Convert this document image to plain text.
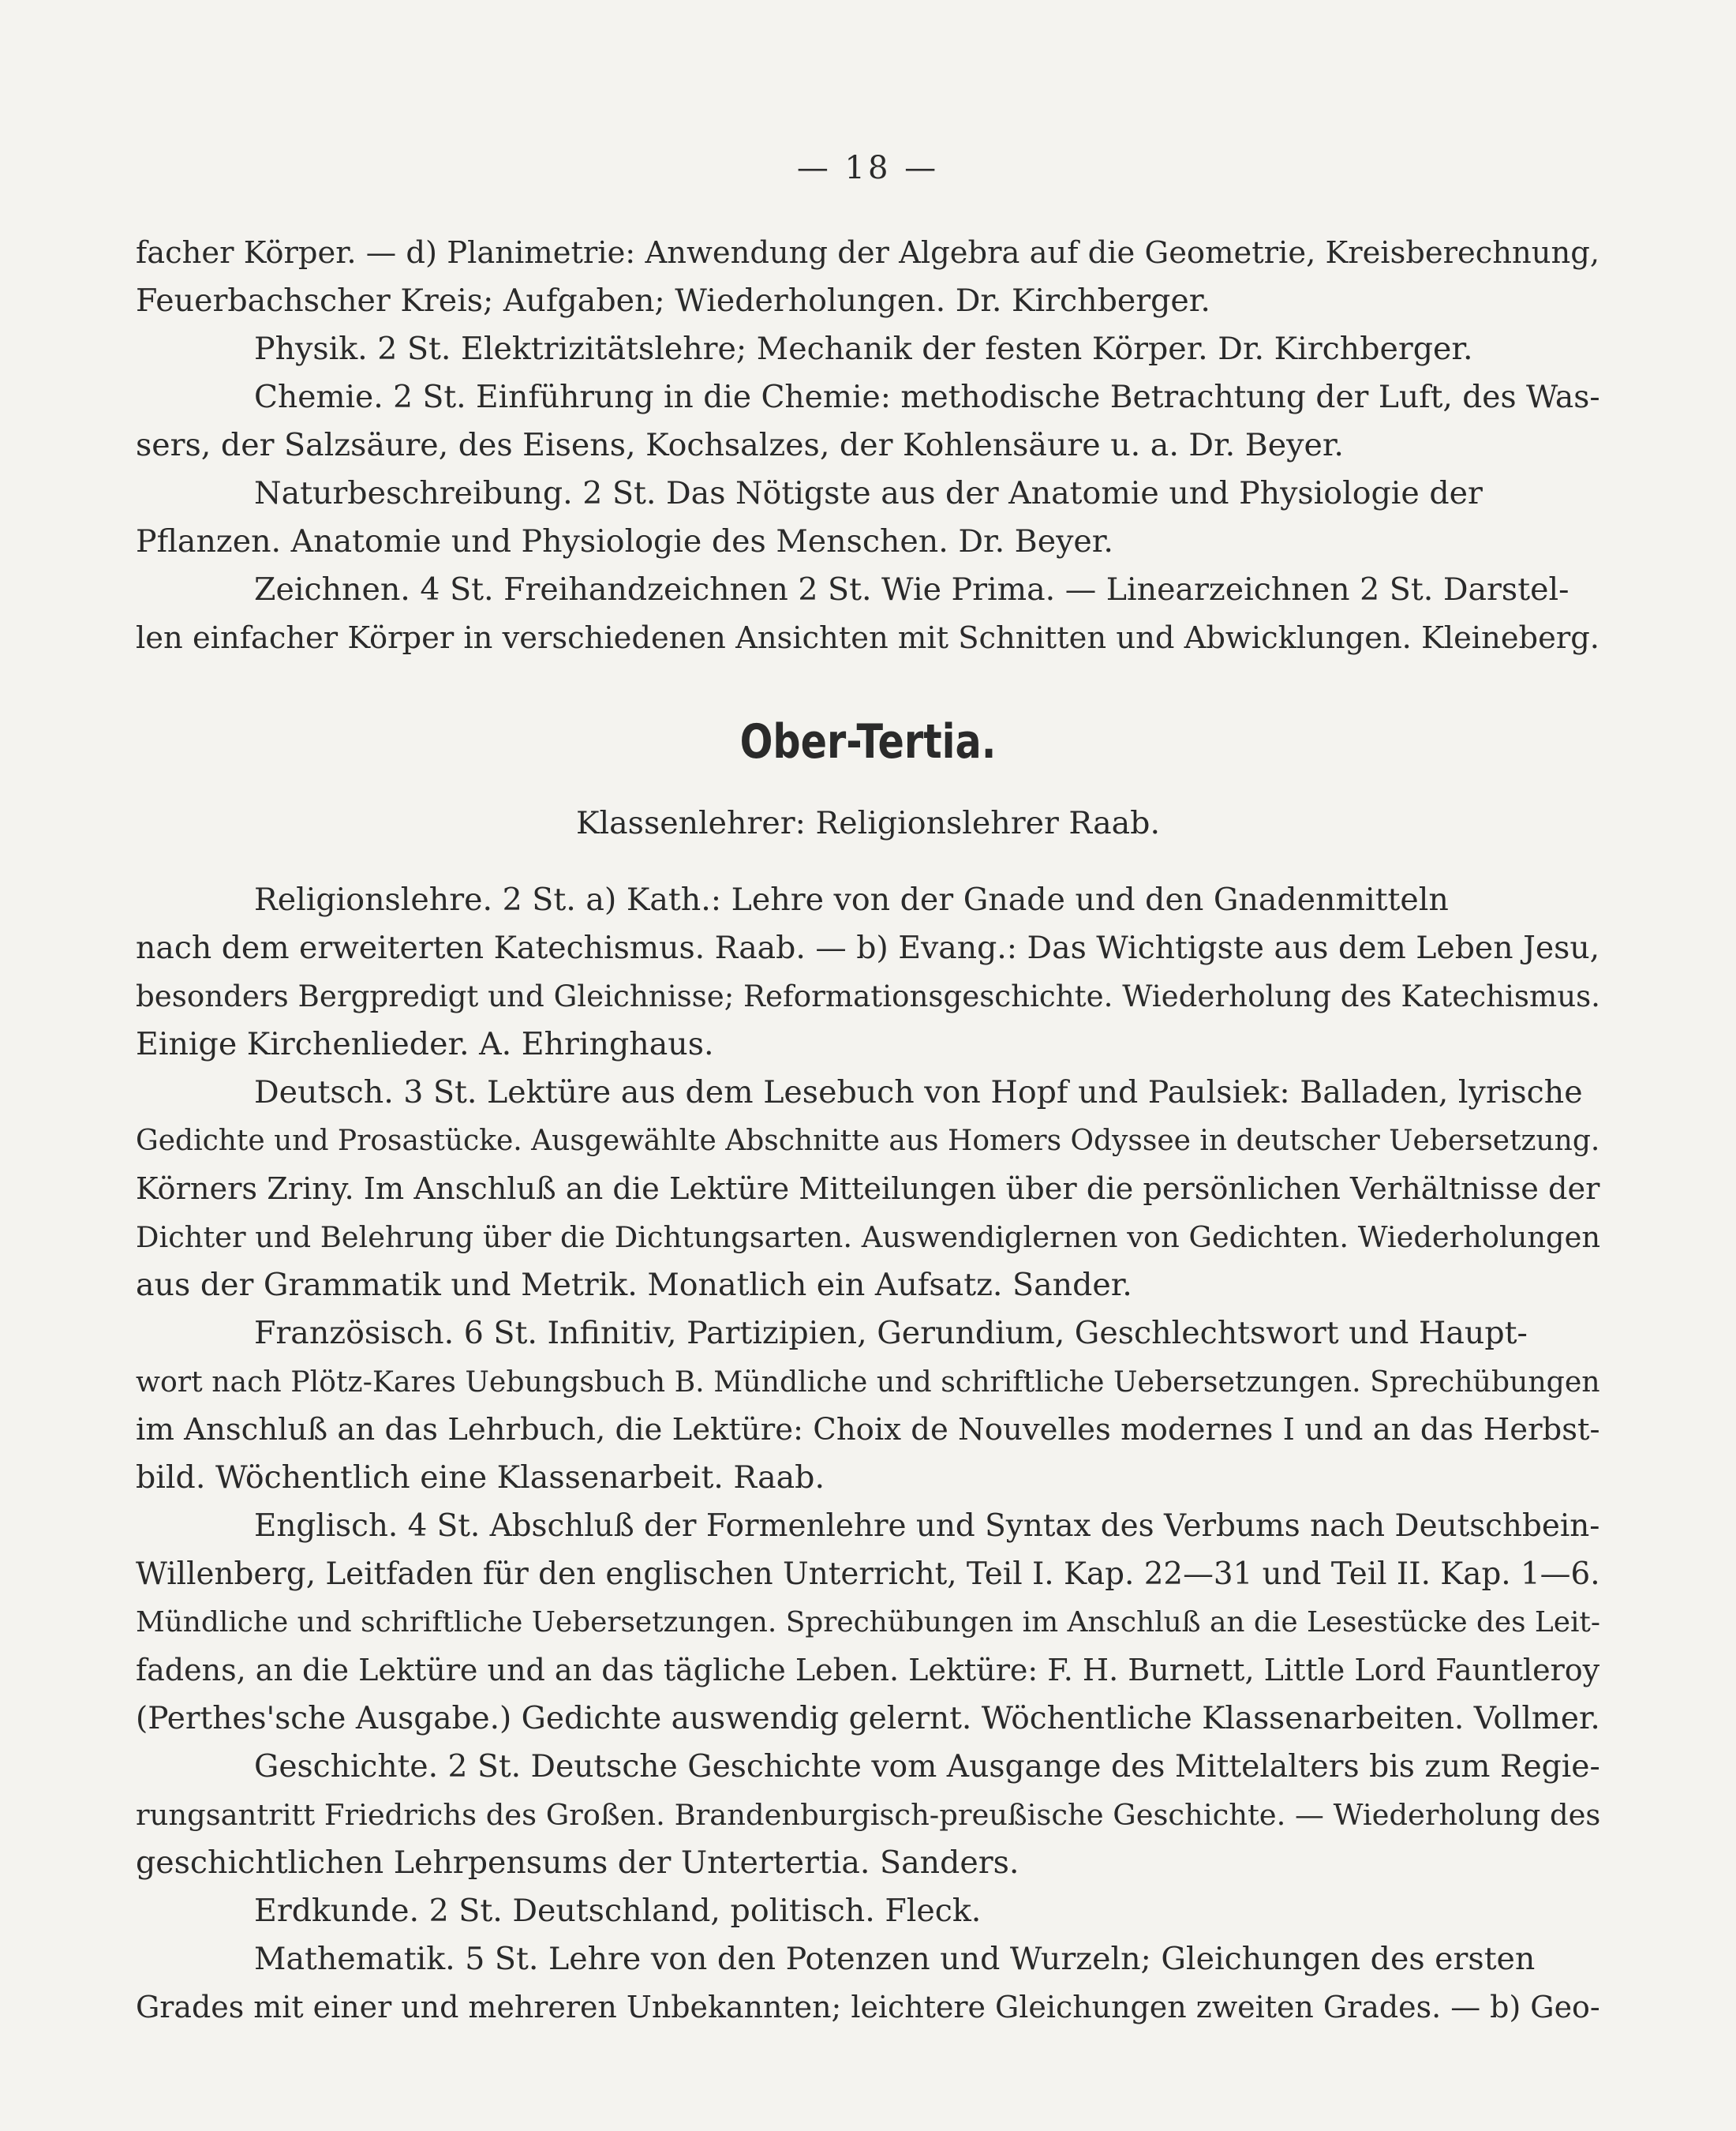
— 18 —
facher Körper. — d) Planimetrie: Anwendung der Algebra auf die Geometrie, Kreisberechnung,
Feuerbachscher Kreis; Aufgaben; Wiederholungen. Dr. Kirchberger.
Physik. 2 St. Elektrizitätslehre; Mechanik der festen Körper. Dr. Kirchberger.
Chemie. 2 St. Einführung in die Chemie: methodische Betrachtung der Luft, des Was-
sers, der Salzsäure, des Eisens, Kochsalzes, der Kohlensäure u. a. Dr. Beyer.
Naturbeschreibung. 2 St. Das Nötigste aus der Anatomie und Physiologie der
Pflanzen. Anatomie und Physiologie des Menschen. Dr. Beyer.
Zeichnen. 4 St. Freihandzeichnen 2 St. Wie Prima. — Linearzeichnen 2 St. Darstel-
len einfacher Körper in verschiedenen Ansichten mit Schnitten und Abwicklungen. Kleineberg.
Ober-Tertia.
Klassenlehrer: Religionslehrer Raab.
Religionslehre. 2 St. a) Kath.: Lehre von der Gnade und den Gnadenmitteln
nach dem erweiterten Katechismus. Raab. — b) Evang.: Das Wichtigste aus dem Leben Jesu,
besonders Bergpredigt und Gleichnisse; Reformationsgeschichte. Wiederholung des Katechismus.
Einige Kirchenlieder. A. Ehringhaus.
Deutsch. 3 St. Lektüre aus dem Lesebuch von Hopf und Paulsiek: Balladen, lyrische
Gedichte und Prosastücke. Ausgewählte Abschnitte aus Homers Odyssee in deutscher Uebersetzung.
Körners Zriny. Im Anschluß an die Lektüre Mitteilungen über die persönlichen Verhältnisse der
Dichter und Belehrung über die Dichtungsarten. Auswendiglernen von Gedichten. Wiederholungen
aus der Grammatik und Metrik. Monatlich ein Aufsatz. Sander.
Französisch. 6 St. Infinitiv, Partizipien, Gerundium, Geschlechtswort und Haupt-
wort nach Plötz-Kares Uebungsbuch B. Mündliche und schriftliche Uebersetzungen. Sprechübungen
im Anschluß an das Lehrbuch, die Lektüre: Choix de Nouvelles modernes I und an das Herbst-
bild. Wöchentlich eine Klassenarbeit. Raab.
Englisch. 4 St. Abschluß der Formenlehre und Syntax des Verbums nach Deutschbein-
Willenberg, Leitfaden für den englischen Unterricht, Teil I. Kap. 22—31 und Teil II. Kap. 1—6.
Mündliche und schriftliche Uebersetzungen. Sprechübungen im Anschluß an die Lesestücke des Leit-
fadens, an die Lektüre und an das tägliche Leben. Lektüre: F. H. Burnett, Little Lord Fauntleroy
(Perthes'sche Ausgabe.) Gedichte auswendig gelernt. Wöchentliche Klassenarbeiten. Vollmer.
Geschichte. 2 St. Deutsche Geschichte vom Ausgange des Mittelalters bis zum Regie-
rungsantritt Friedrichs des Großen. Brandenburgisch-preußische Geschichte. — Wiederholung des
geschichtlichen Lehrpensums der Untertertia. Sanders.
Erdkunde. 2 St. Deutschland, politisch. Fleck.
Mathematik. 5 St. Lehre von den Potenzen und Wurzeln; Gleichungen des ersten
Grades mit einer und mehreren Unbekannten; leichtere Gleichungen zweiten Grades. — b) Geo-
